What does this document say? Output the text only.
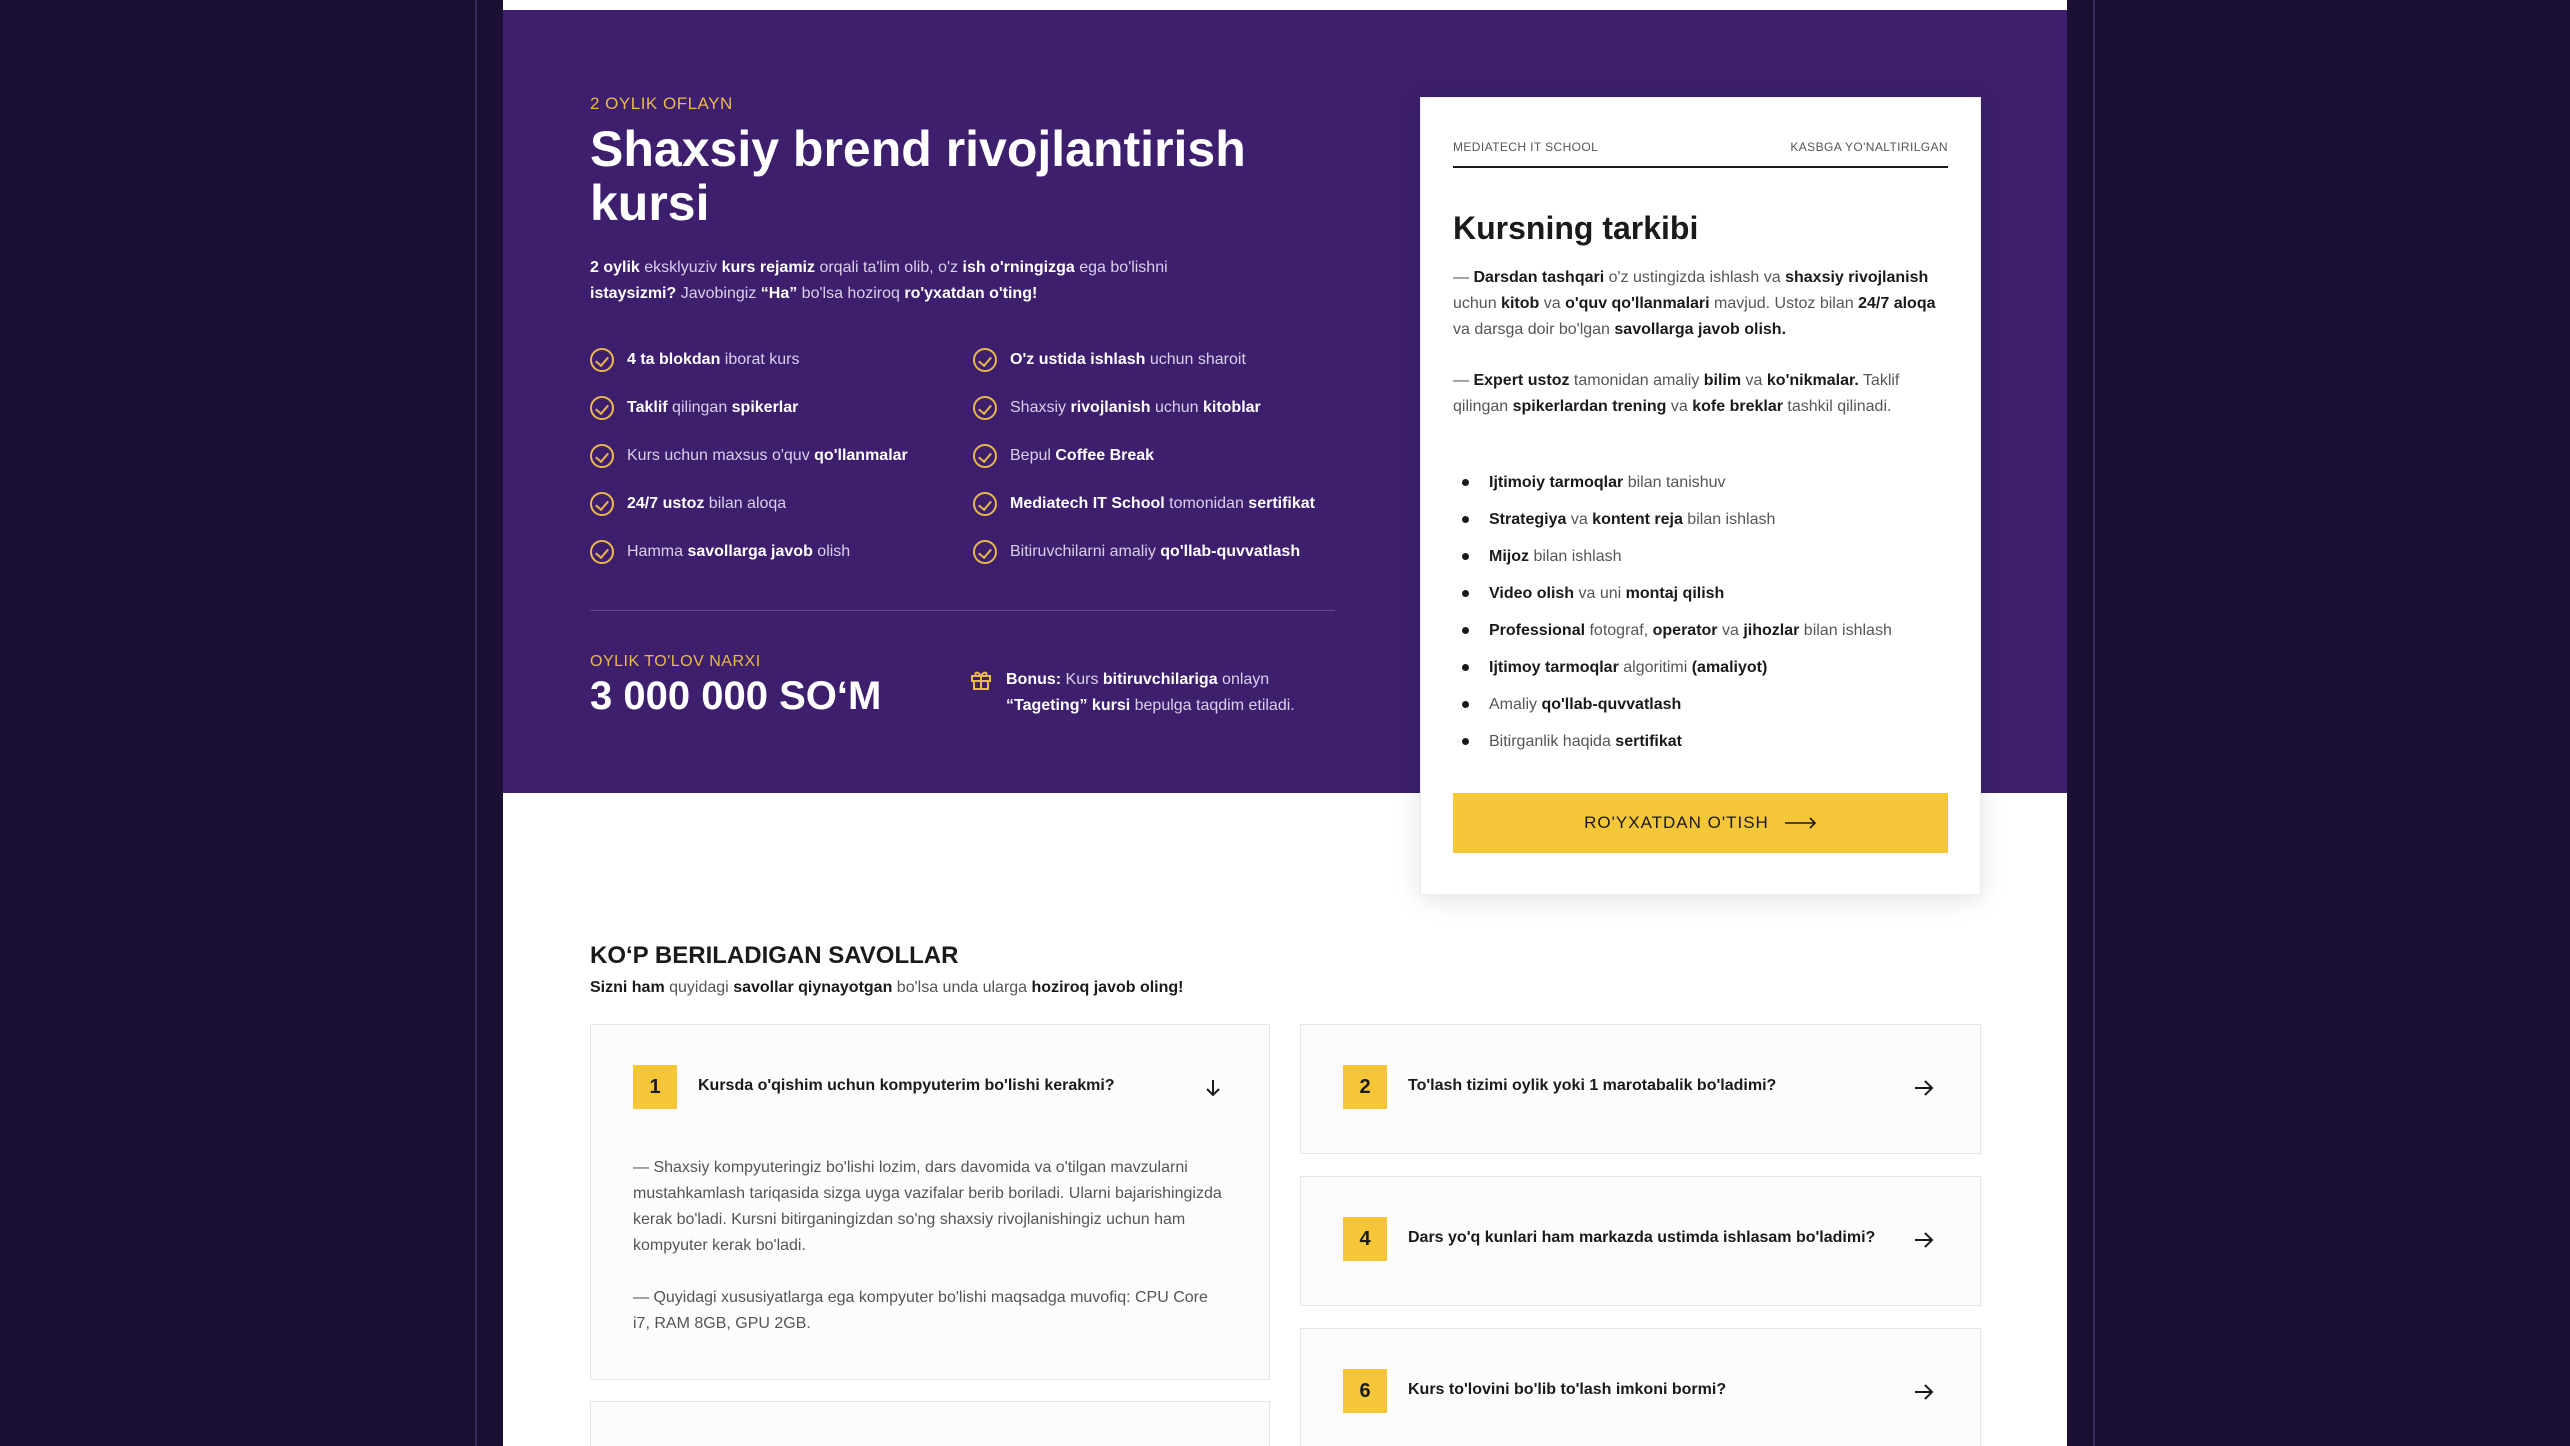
2 OYLIK OFLAYN
Shaxsiy brend rivojlantirish kursi

2 oylik eksklyuziv kurs rejamiz orqali ta'lim olib, o'z ish o'rningizga ega bo'lishni istaysizmi? Javobingiz “Ha” bo'lsa hoziroq ro'yxatdan o'ting!

4 ta blokdan iborat kurs	O'z ustida ishlash uchun sharoit
Taklif qilingan spikerlar	Shaxsiy rivojlanish uchun kitoblar
Kurs uchun maxsus o'quv qo'llanmalar	Bepul Coffee Break
24/7 ustoz bilan aloqa	Mediatech IT School tomonidan sertifikat
Hamma savollarga javob olish	Bitiruvchilarni amaliy qo'llab-quvvatlash
OYLIK TO'LOV NARXI
3 000 000 SO‘M	Bonus: Kurs bitiruvchilariga onlayn
“Tageting” kursi bepulga taqdim etiladi.

MEDIATECH IT SCHOOL	KASBGA YO'NALTIRILGAN
Kursning tarkibi

— Darsdan tashqari o'z ustingizda ishlash va shaxsiy rivojlanish uchun kitob va o'quv qo'llanmalari mavjud. Ustoz bilan 24/7 aloqa va darsga doir bo'lgan savollarga javob olish.

— Expert ustoz tamonidan amaliy bilim va ko'nikmalar. Taklif qilingan spikerlardan trening va kofe breklar tashkil qilinadi.

Ijtimoiy tarmoqlar bilan tanishuv
Strategiya va kontent reja bilan ishlash
Mijoz bilan ishlash
Video olish va uni montaj qilish
Professional fotograf, operator va jihozlar bilan ishlash
Ijtimoy tarmoqlar algoritimi (amaliyot)
Amaliy qo'llab-quvvatlash
Bitirganlik haqida sertifikat
RO'YXATDAN O'TISH
KO‘P BERILADIGAN SAVOLLAR

Sizni ham quyidagi savollar qiynayotgan bo'lsa unda ularga hoziroq javob oling!

1	Kursda o'qishim uchun kompyuterim bo'lishi kerakmi?

— Shaxsiy kompyuteringiz bo'lishi lozim, dars davomida va o'tilgan mavzularni mustahkamlash tariqasida sizga uyga vazifalar berib boriladi. Ularni bajarishingizda kerak bo'ladi. Kursni bitirganingizdan so'ng shaxsiy rivojlanishingiz uchun ham kompyuter kerak bo'ladi.

— Quyidagi xususiyatlarga ega kompyuter bo'lishi maqsadga muvofiq: CPU Core i7, RAM 8GB, GPU 2GB.

2	To'lash tizimi oylik yoki 1 marotabalik bo'ladimi?
4	Dars yo'q kunlari ham markazda ustimda ishlasam bo'ladimi?
6	Kurs to'lovini bo'lib to'lash imkoni bormi?
